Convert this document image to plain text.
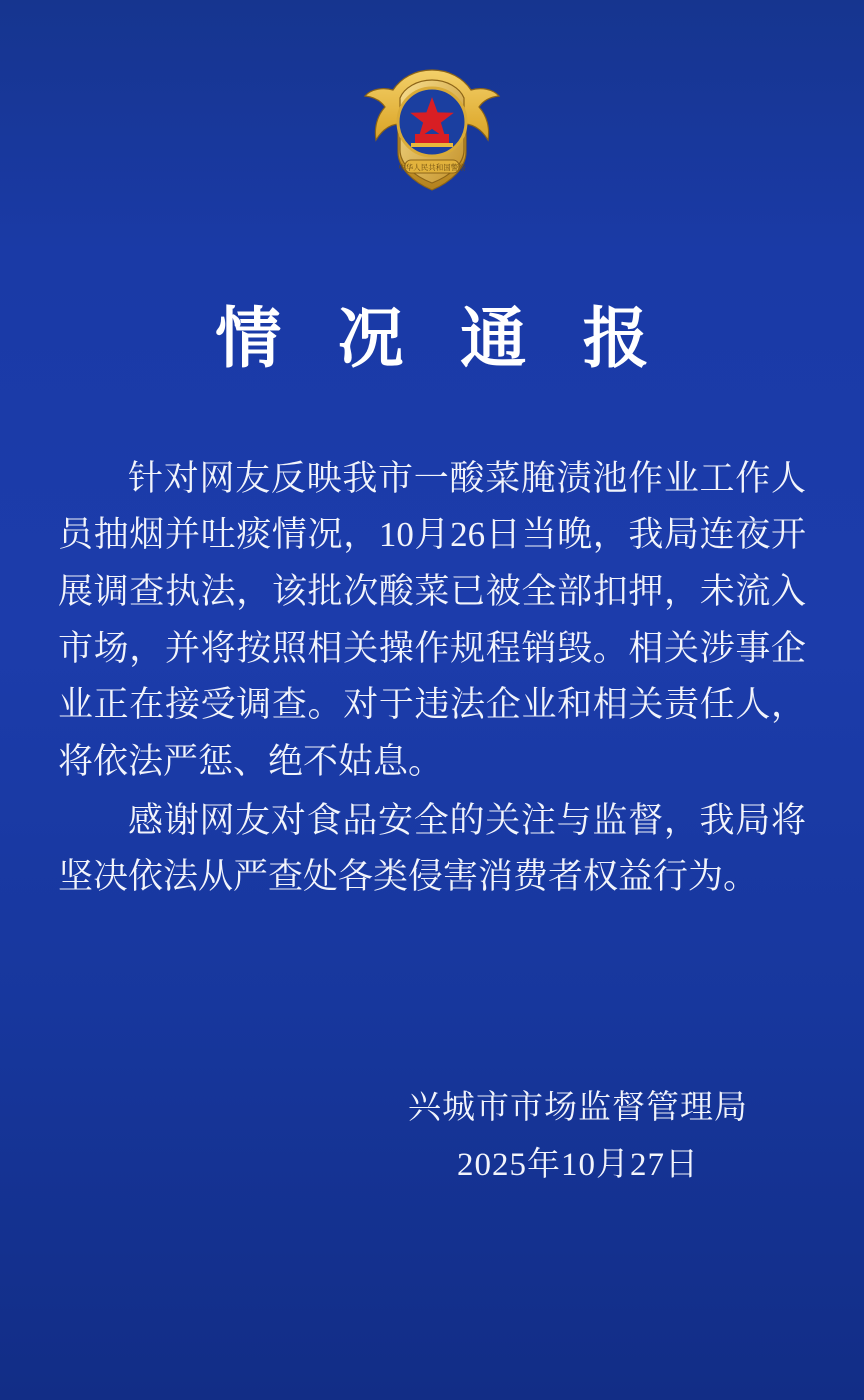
中华人民共和国警察
情 况 通 报

针对网友反映我市一酸菜腌渍池作业工作人员抽烟并吐痰情况，10月26日当晚，我局连夜开展调查执法，该批次酸菜已被全部扣押，未流入市场，并将按照相关操作规程销毁。相关涉事企业正在接受调查。对于违法企业和相关责任人，将依法严惩、绝不姑息。

感谢网友对食品安全的关注与监督，我局将坚决依法从严查处各类侵害消费者权益行为。

兴城市市场监督管理局
2025年10月27日
